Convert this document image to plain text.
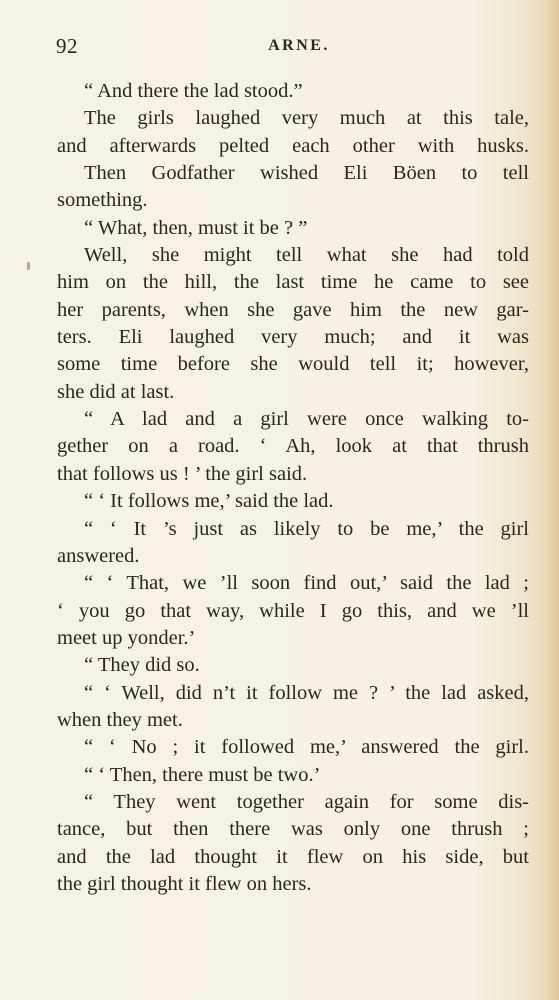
92	ARNE.
“ And there the lad stood.”
The girls laughed very much at this tale,
and afterwards pelted each other with husks.
Then Godfather wished Eli Böen to tell
something.
“ What, then, must it be ? ”
Well, she might tell what she had told
him on the hill, the last time he came to see
her parents, when she gave him the new gar-
ters. Eli laughed very much; and it was
some time before she would tell it; however,
she did at last.
“ A lad and a girl were once walking to-
gether on a road. ‘ Ah, look at that thrush
that follows us ! ’ the girl said.
“ ‘ It follows me,’ said the lad.
“ ‘ It ’s just as likely to be me,’ the girl
answered.
“ ‘ That, we ’ll soon find out,’ said the lad ;
‘ you go that way, while I go this, and we ’ll
meet up yonder.’
“ They did so.
“ ‘ Well, did n’t it follow me ? ’ the lad asked,
when they met.
“ ‘ No ; it followed me,’ answered the girl.
“ ‘ Then, there must be two.’
“ They went together again for some dis-
tance, but then there was only one thrush ;
and the lad thought it flew on his side, but
the girl thought it flew on hers.
